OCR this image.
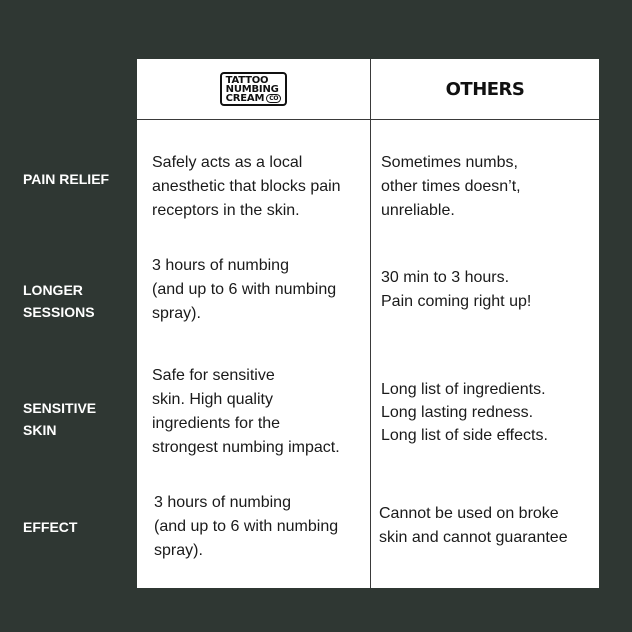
PAIN RELIEF
LONGER
SESSIONS
SENSITIVE
SKIN
EFFECT
TATTOO
NUMBING
CREAM CO	OTHERS
Safely acts as a local
anesthetic that blocks pain
receptors in the skin.
Sometimes numbs,
other times doesn’t,
unreliable.
3 hours of numbing
(and up to 6 with numbing
spray).
30 min to 3 hours.
Pain coming right up!
Safe for sensitive
skin. High quality
ingredients for the
strongest numbing impact.
Long list of ingredients.
Long lasting redness.
Long list of side effects.
3 hours of numbing
(and up to 6 with numbing
spray).
Cannot be used on broke
skin and cannot guarantee
